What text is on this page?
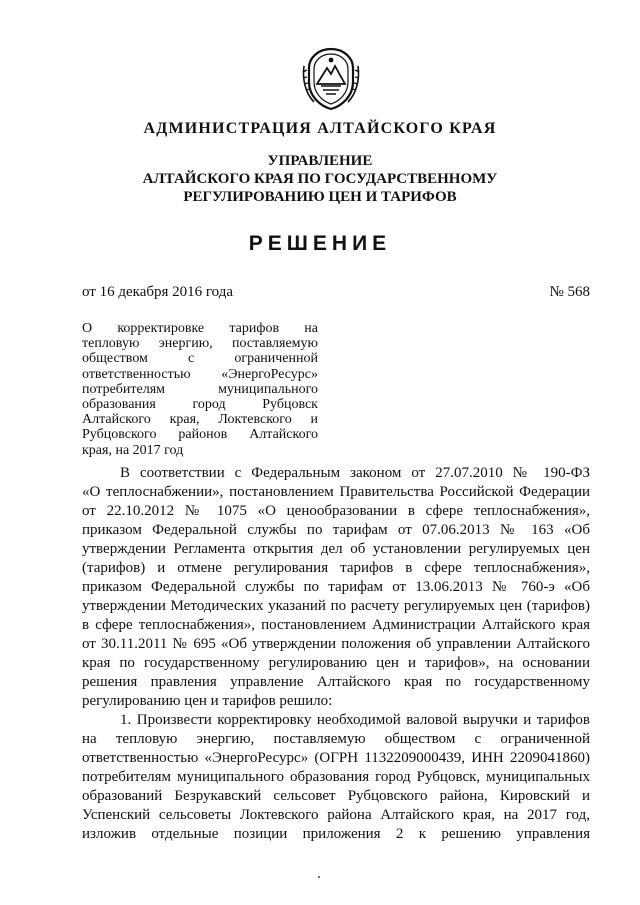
АДМИНИСТРАЦИЯ АЛТАЙСКОГО КРАЯ
УПРАВЛЕНИЕ
АЛТАЙСКОГО КРАЯ ПО ГОСУДАРСТВЕННОМУ
РЕГУЛИРОВАНИЮ ЦЕН И ТАРИФОВ
РЕШЕНИЕ
от 16 декабря 2016 года	№ 568
О корректировке тарифов на
тепловую энергию, поставляемую
обществом с ограниченной
ответственностью «ЭнергоРесурс»
потребителям муниципального
образования город Рубцовск
Алтайского края, Локтевского и
Рубцовского районов Алтайского
края, на 2017 год
В соответствии с Федеральным законом от 27.07.2010 № 190-ФЗ
«О теплоснабжении», постановлением Правительства Российской Федерации
от 22.10.2012 № 1075 «О ценообразовании в сфере теплоснабжения»,
приказом Федеральной службы по тарифам от 07.06.2013 № 163 «Об
утверждении Регламента открытия дел об установлении регулируемых цен
(тарифов) и отмене регулирования тарифов в сфере теплоснабжения»,
приказом Федеральной службы по тарифам от 13.06.2013 № 760-э «Об
утверждении Методических указаний по расчету регулируемых цен (тарифов)
в сфере теплоснабжения», постановлением Администрации Алтайского края
от 30.11.2011 № 695 «Об утверждении положения об управлении Алтайского
края по государственному регулированию цен и тарифов», на основании
решения правления управление Алтайского края по государственному
регулированию цен и тарифов решило:
1. Произвести корректировку необходимой валовой выручки и тарифов
на тепловую энергию, поставляемую обществом с ограниченной
ответственностью «ЭнергоРесурс» (ОГРН 1132209000439, ИНН 2209041860)
потребителям муниципального образования город Рубцовск, муниципальных
образований Безрукавский сельсовет Рубцовского района, Кировский и
Успенский сельсоветы Локтевского района Алтайского края, на 2017 год,
изложив отдельные позиции приложения 2 к решению управления
